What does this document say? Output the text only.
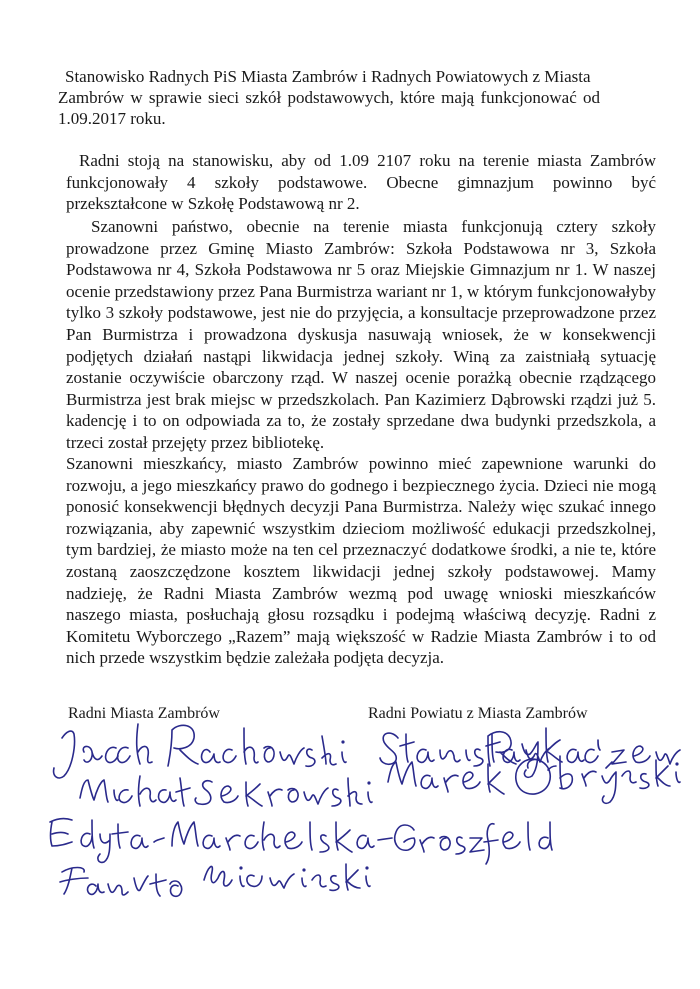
Stanowisko Radnych PiS Miasta Zambrów i Radnych Powiatowych z Miasta
Zambrów w sprawie sieci szkół podstawowych, które mają funkcjonować od
1.09.2017 roku.

Radni stoją na stanowisku, aby od 1.09 2107 roku na terenie miasta Zambrów funkcjonowały 4 szkoły podstawowe. Obecne gimnazjum powinno być przekształcone w Szkołę Podstawową nr 2.

Szanowni państwo, obecnie na terenie miasta funkcjonują cztery szkoły prowadzone przez Gminę Miasto Zambrów: Szkoła Podstawowa nr 3, Szkoła Podstawowa nr 4, Szkoła Podstawowa nr 5 oraz Miejskie Gimnazjum nr 1. W naszej ocenie przedstawiony przez Pana Burmistrza wariant nr 1, w którym funkcjonowałyby tylko 3 szkoły podstawowe, jest nie do przyjęcia, a konsultacje przeprowadzone przez Pan Burmistrza i prowadzona dyskusja nasuwają wniosek, że w konsekwencji podjętych działań nastąpi likwidacja jednej szkoły. Winą za zaistniałą sytuację zostanie oczywiście obarczony rząd. W naszej ocenie porażką obecnie rządzącego Burmistrza jest brak miejsc w przedszkolach. Pan Kazimierz Dąbrowski rządzi już 5. kadencję i to on odpowiada za to, że zostały sprzedane dwa budynki przedszkola, a trzeci został przejęty przez bibliotekę.

Szanowni mieszkańcy, miasto Zambrów powinno mieć zapewnione warunki do rozwoju, a jego mieszkańcy prawo do godnego i bezpiecznego życia. Dzieci nie mogą ponosić konsekwencji błędnych decyzji Pana Burmistrza. Należy więc szukać innego rozwiązania, aby zapewnić wszystkim dzieciom możliwość edukacji przedszkolnej, tym bardziej, że miasto może na ten cel przeznaczyć dodatkowe środki, a nie te, które zostaną zaoszczędzone kosztem likwidacji jednej szkoły podstawowej. Mamy nadzieję, że Radni Miasta Zambrów wezmą pod uwagę wnioski mieszkańców naszego miasta, posłuchają głosu rozsądku i podejmą właściwą decyzję. Radni z Komitetu Wyborczego „Razem” mają większość w Radzie Miasta Zambrów i to od nich przede wszystkim będzie zależała podjęta decyzja.

Radni Miasta Zambrów	Radni Powiatu z Miasta Zambrów
